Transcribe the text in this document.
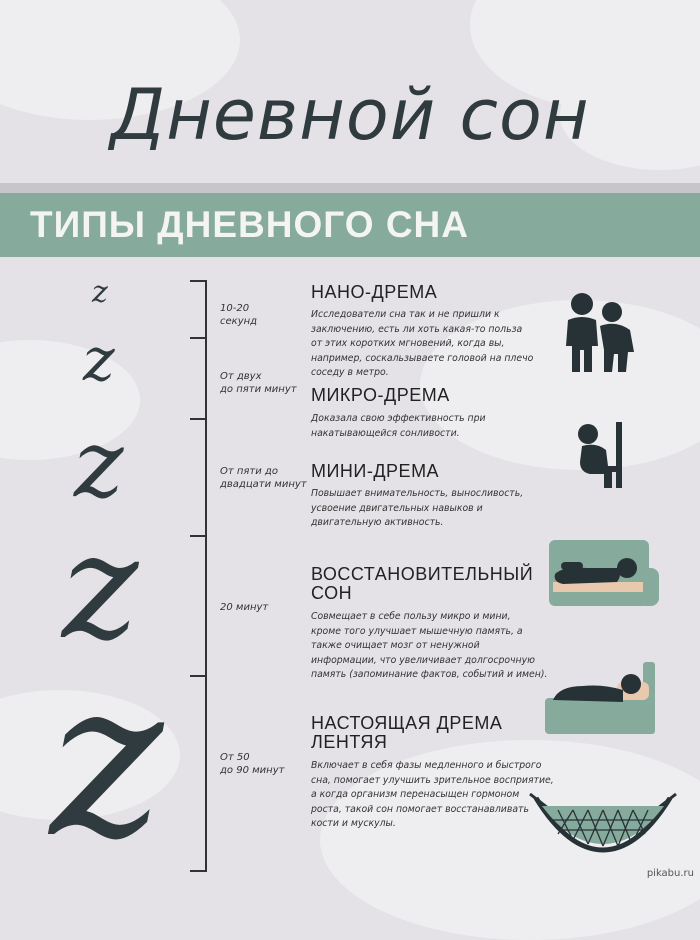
Дневной сон
ТИПЫ ДНЕВНОГО СНА
z
z
z
z
z
10-20
секунд
От двух
до пяти минут
От пяти до
двадцати минут
20 минут
От 50
до 90 минут
НАНО-ДРЕМА
Исследователи сна так и не пришли к
заключению, есть ли хоть какая-то польза
от этих коротких мгновений, когда вы,
например, соскальзываете головой на плечо
соседу в метро.
МИКРО-ДРЕМА
Доказала свою эффективность при
накатывающейся сонливости.
МИНИ-ДРЕМА
Повышает внимательность, выносливость,
усвоение двигательных навыков и
двигательную активность.
ВОССТАНОВИТЕЛЬНЫЙ
СОН
Совмещает в себе пользу микро и мини,
кроме того улучшает мышечную память, а
также очищает мозг от ненужной
информации, что увеличивает долгосрочную
память (запоминание фактов, событий и имен).
НАСТОЯЩАЯ ДРЕМА
ЛЕНТЯЯ
Включает в себя фазы медленного и быстрого
сна, помогает улучшить зрительное восприятие,
а когда организм перенасыщен гормоном
роста, такой сон помогает восстанавливать
кости и мускулы.
pikabu.ru
